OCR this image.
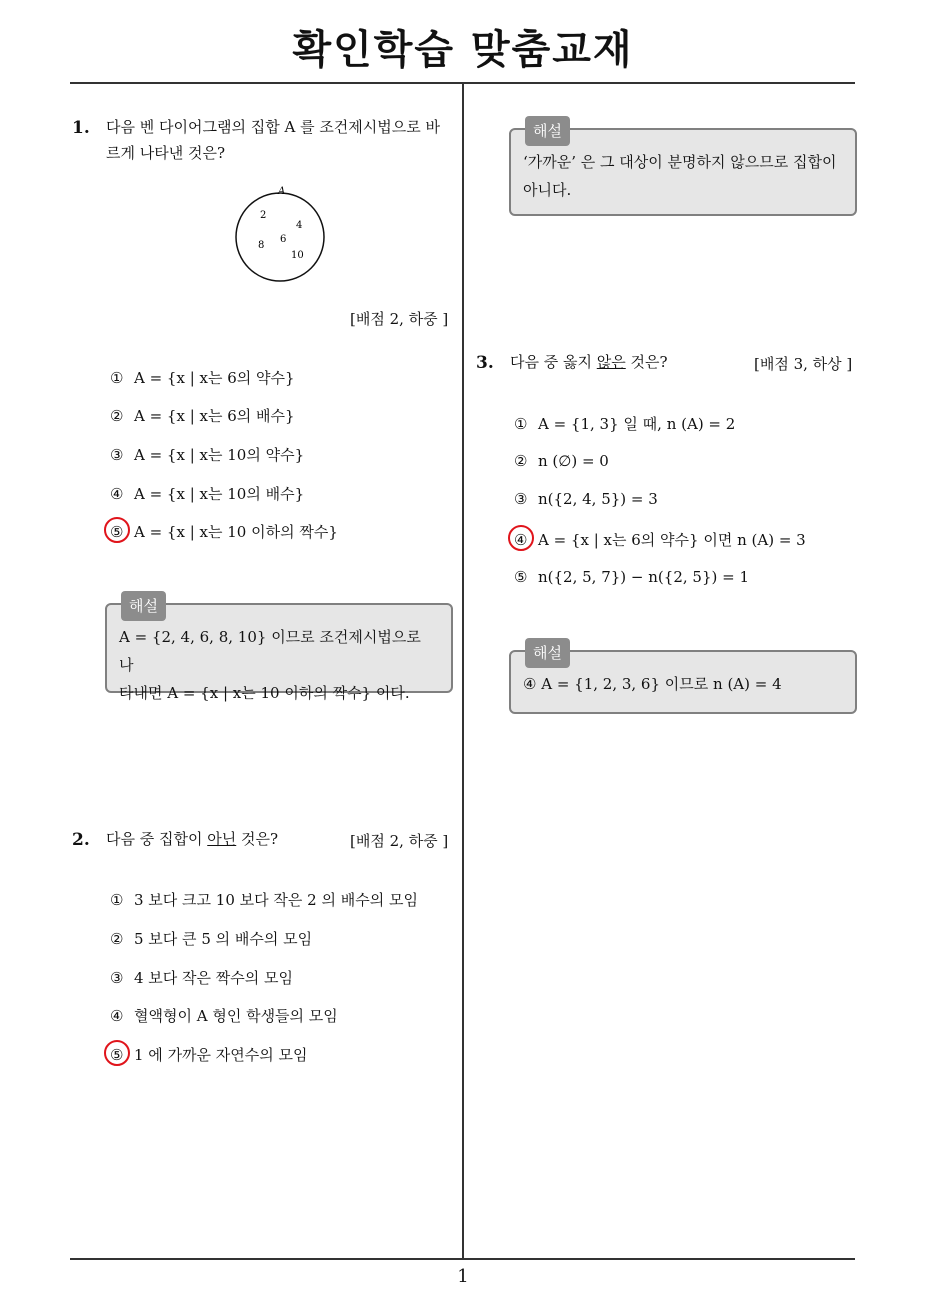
확인학습 맞춤교재
1. 다음 벤 다이어그램의 집합 A 를 조건제시법으로 바
르게 나타낸 것은?
A
2
4
6
8
10
[배점 2, 하중 ]
① A = {x | x는 6의 약수}
② A = {x | x는 6의 배수}
③ A = {x | x는 10의 약수}
④ A = {x | x는 10의 배수}
⑤ A = {x | x는 10 이하의 짝수}
해설
A = {2, 4, 6, 8, 10} 이므로 조건제시법으로 나
타내면 A = {x | x는 10 이하의 짝수} 이다.
2. 다음 중 집합이 아닌 것은?	[배점 2, 하중 ]
① 3 보다 크고 10 보다 작은 2 의 배수의 모임
② 5 보다 큰 5 의 배수의 모임
③ 4 보다 작은 짝수의 모임
④ 혈액형이 A 형인 학생들의 모임
⑤ 1 에 가까운 자연수의 모임
해설
‘가까운’ 은 그 대상이 분명하지 않으므로 집합이
아니다.
3. 다음 중 옳지 않은 것은?	[배점 3, 하상 ]
① A = {1, 3} 일 때, n (A) = 2
② n (∅) = 0
③ n({2, 4, 5}) = 3
④ A = {x | x는 6의 약수} 이면 n (A) = 3
⑤ n({2, 5, 7}) − n({2, 5}) = 1
해설
④ A = {1, 2, 3, 6} 이므로 n (A) = 4
1
